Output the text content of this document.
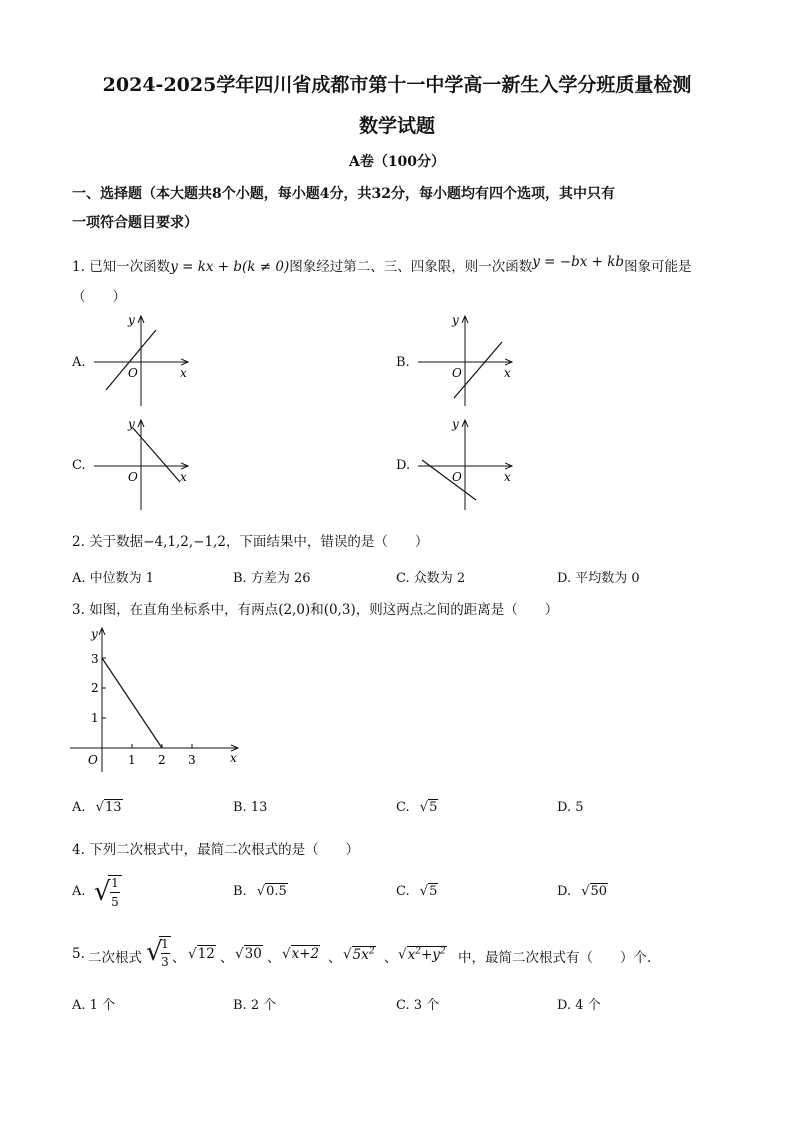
2024-2025学年四川省成都市第十一中学高一新生入学分班质量检测
数学试题
A卷（100分）
一、选择题（本大题共8个小题，每小题4分，共32分，每小题均有四个选项，其中只有
一项符合题目要求）
1. 已知一次函数y = kx + b(k ≠ 0)图象经过第二、三、四象限，则一次函数y = −bx + kb图象可能是
（　　）
A.	B.
C.	D.
x
y
O	x
y
O
x
y
O	x
y
O
2. 关于数据−4,1,2,−1,2，下面结果中，错误的是（　　）
A. 中位数为 1	B. 方差为 26	C. 众数为 2	D. 平均数为 0
3. 如图，在直角坐标系中，有两点(2,0)和(0,3)，则这两点之间的距离是（　　）
1 2 3
1
2
3
O	x
y
A. √13	B. 13	C. √5	D. 5
4. 下列二次根式中，最简二次根式的是（　　）
A. √ 1
5
B. √0.5	C. √5	D. √50
5. 二次根式 √
1
3 、 √12 、 √30 、 √x+2 、 $√5x^2$ 、 $√x^2+y^2$ 中，最简二次根式有（　　）个.
A. 1 个	B. 2 个	C. 3 个	D. 4 个
